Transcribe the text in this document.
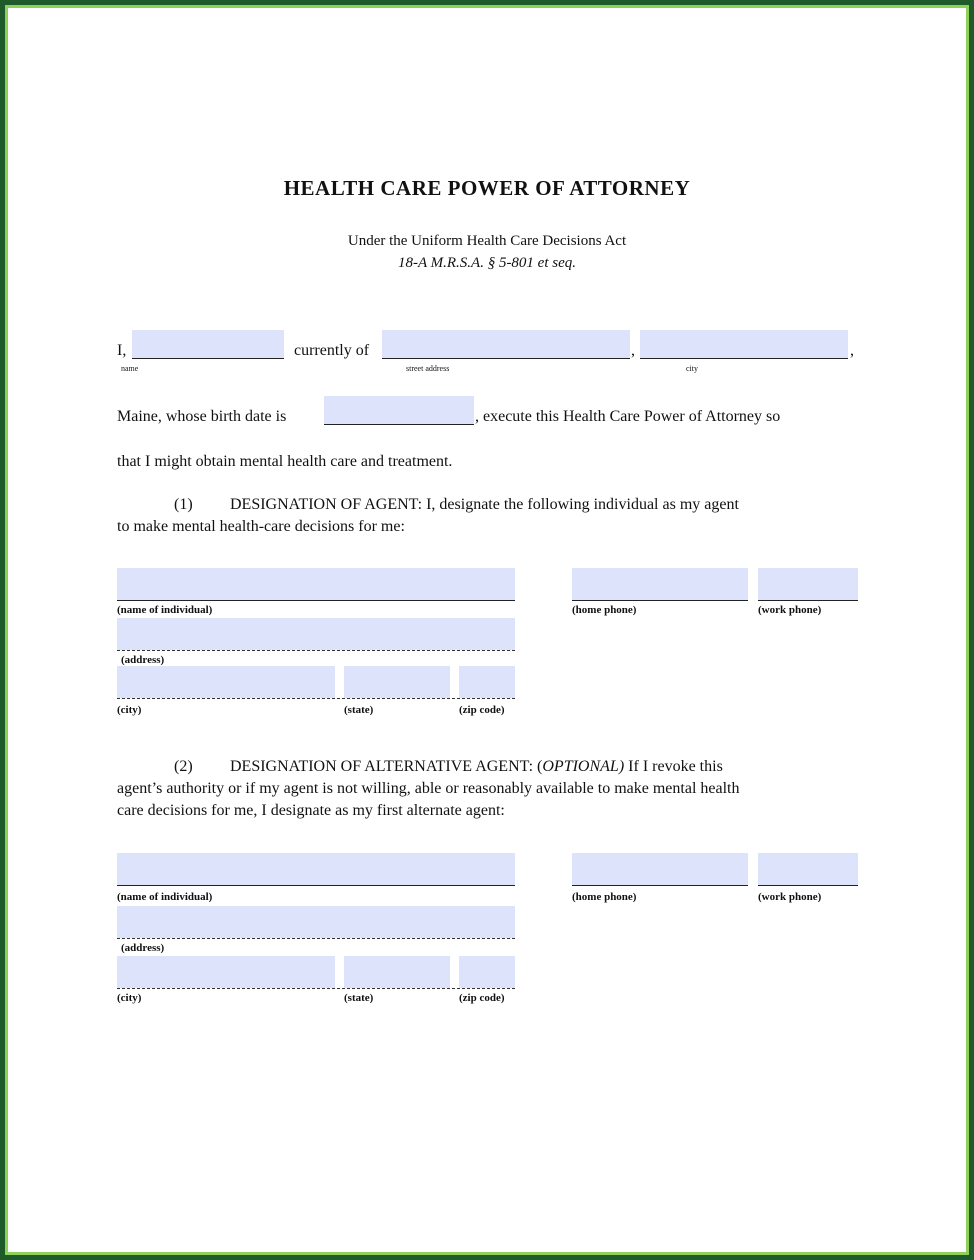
HEALTH CARE POWER OF ATTORNEY
Under the Uniform Health Care Decisions Act
18-A M.R.S.A. § 5-801 et seq.
I,	currently of	,	,
name	street address	city
Maine, whose birth date is	, execute this Health Care Power of Attorney so
that I might obtain mental health care and treatment.
(1) DESIGNATION OF AGENT: I, designate the following individual as my agent
to make mental health-care decisions for me:
(name of individual)	(home phone)	(work phone)
(address)
(city)	(state)	(zip code)
(2) DESIGNATION OF ALTERNATIVE AGENT: (OPTIONAL) If I revoke this
agent’s authority or if my agent is not willing, able or reasonably available to make mental health
care decisions for me, I designate as my first alternate agent:
(name of individual)	(home phone)	(work phone)
(address)
(city)	(state)	(zip code)
